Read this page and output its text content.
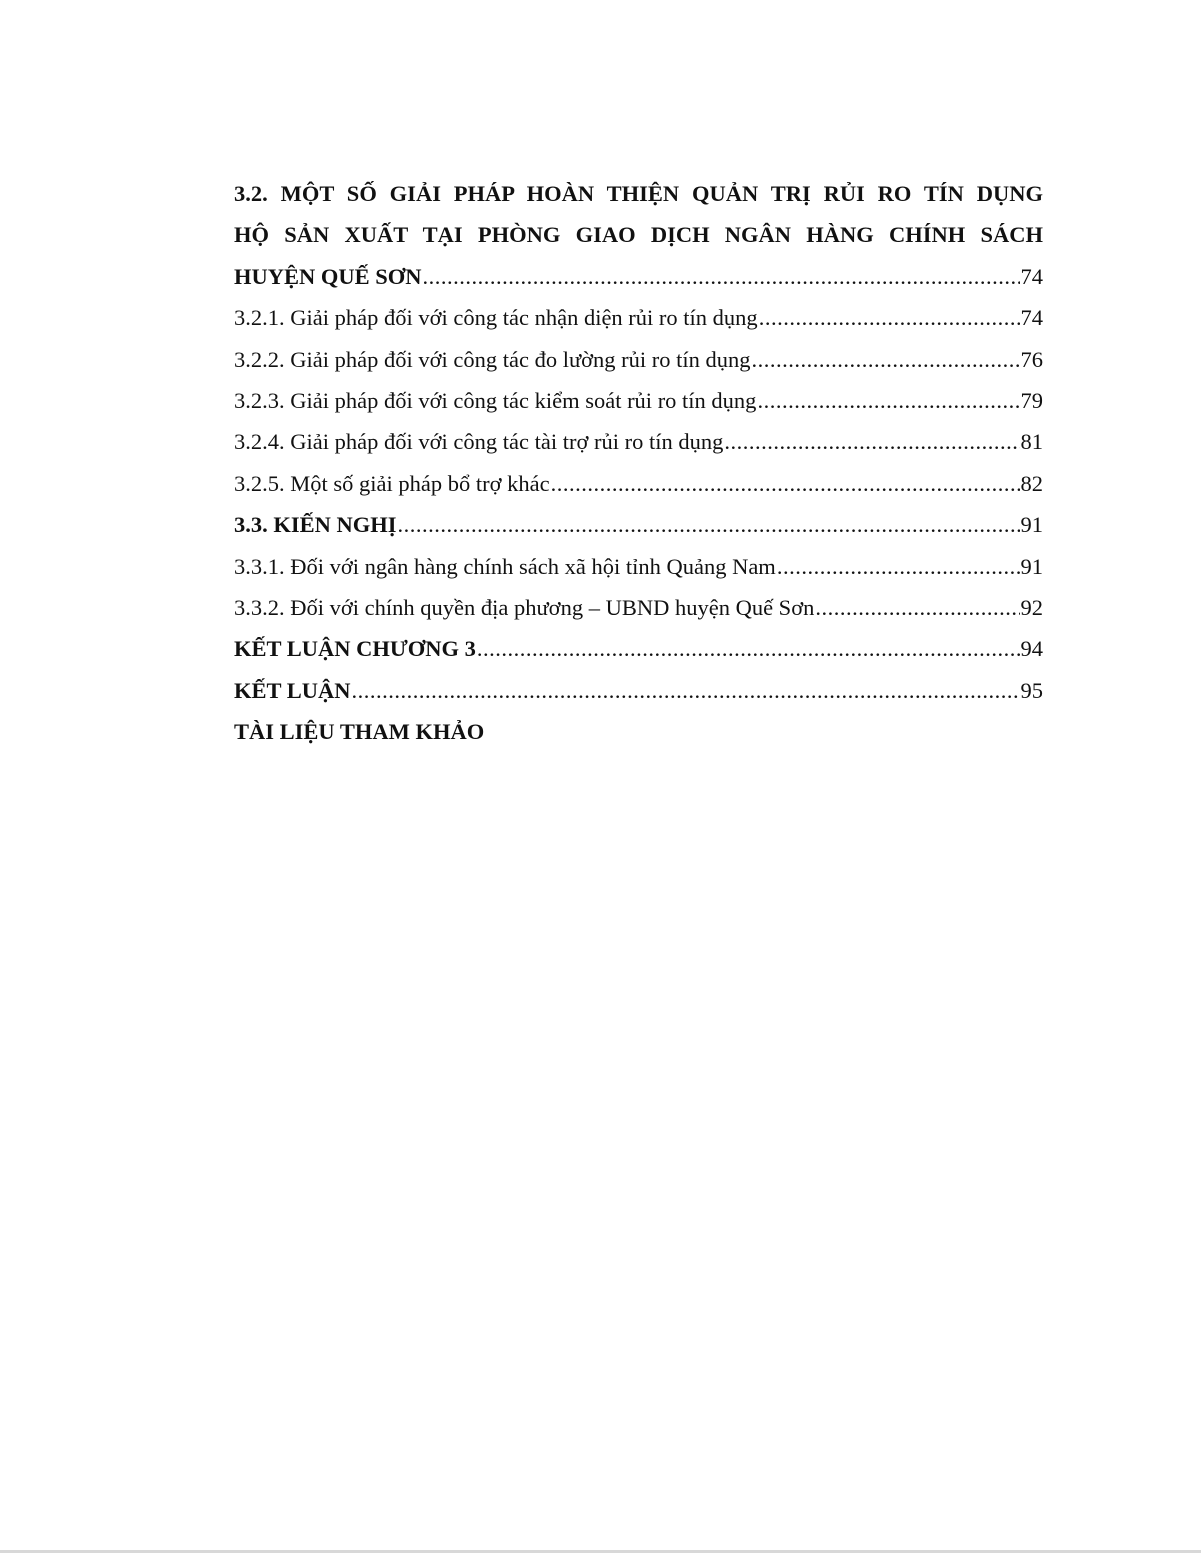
3.2. MỘT SỐ GIẢI PHÁP HOÀN THIỆN QUẢN TRỊ RỦI RO TÍN DỤNG
HỘ SẢN XUẤT TẠI PHÒNG GIAO DỊCH NGÂN HÀNG CHÍNH SÁCH
HUYỆN QUẾ SƠN .....	74
3.2.1. Giải pháp đối với công tác nhận diện rủi ro tín dụng .....	74
3.2.2. Giải pháp đối với công tác đo lường rủi ro tín dụng .....	76
3.2.3. Giải pháp đối với công tác kiểm soát rủi ro tín dụng .....	79
3.2.4. Giải pháp đối với công tác tài trợ rủi ro tín dụng .....	81
3.2.5. Một số giải pháp bổ trợ khác .....	82
3.3. KIẾN NGHỊ .....	91
3.3.1. Đối với ngân hàng chính sách xã hội tỉnh Quảng Nam .....	91
3.3.2. Đối với chính quyền địa phương – UBND huyện Quế Sơn .....	92
KẾT LUẬN CHƯƠNG 3 .....	94
KẾT LUẬN .....	95
TÀI LIỆU THAM KHẢO
